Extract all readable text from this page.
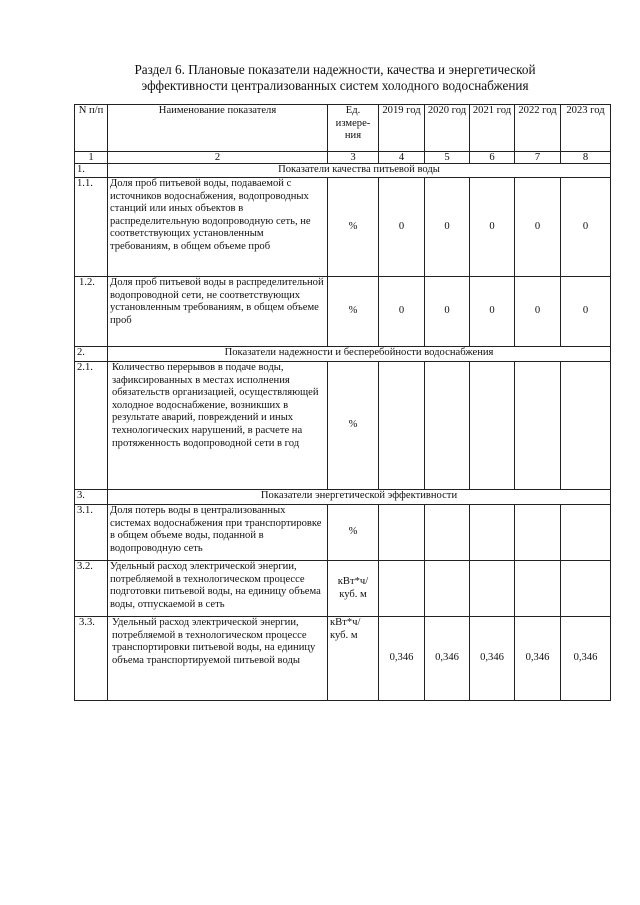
Раздел 6. Плановые показатели надежности, качества и энергетической
эффективности централизованных систем холодного водоснабжения
N п/п	Наименование показателя	Ед. измере- ния	2019 год	2020 год	2021 год	2022 год	2023 год
1	2	3	4	5	6	7	8
1.	Показатели качества питьевой воды						
1.1.	Доля проб питьевой воды, подаваемой с источников водоснабжения, водопроводных станций или иных объектов в распределительную водопроводную сеть, не соответствующих установленным требованиям, в общем объеме проб	%	0	0	0	0	0
1.2.	Доля проб питьевой воды в распределительной водопроводной сети, не соответствующих установленным требованиям, в общем объеме проб	%	0	0	0	0	0
2.	Показатели надежности и бесперебойности водоснабжения						
2.1.	Количество перерывов в подаче воды, зафиксированных в местах исполнения обязательств организацией, осуществляющей холодное водоснабжение, возникших в результате аварий, повреждений и иных технологических нарушений, в расчете на протяженность водопроводной сети в год	%					
3.	Показатели энергетической эффективности						
3.1.	Доля потерь воды в централизованных системах водоснабжения при транспортировке в общем объеме воды, поданной в водопроводную сеть	%					
3.2.	Удельный расход электрической энергии, потребляемой в технологическом процессе подготовки питьевой воды, на единицу объема воды, отпускаемой в сеть	кВт*ч/куб. м					
3.3.	Удельный расход электрической энергии, потребляемой в технологическом процессе транспортировки питьевой воды, на единицу объема транспортируемой питьевой воды	кВт*ч/ куб. м	0,346	0,346	0,346	0,346	0,346
